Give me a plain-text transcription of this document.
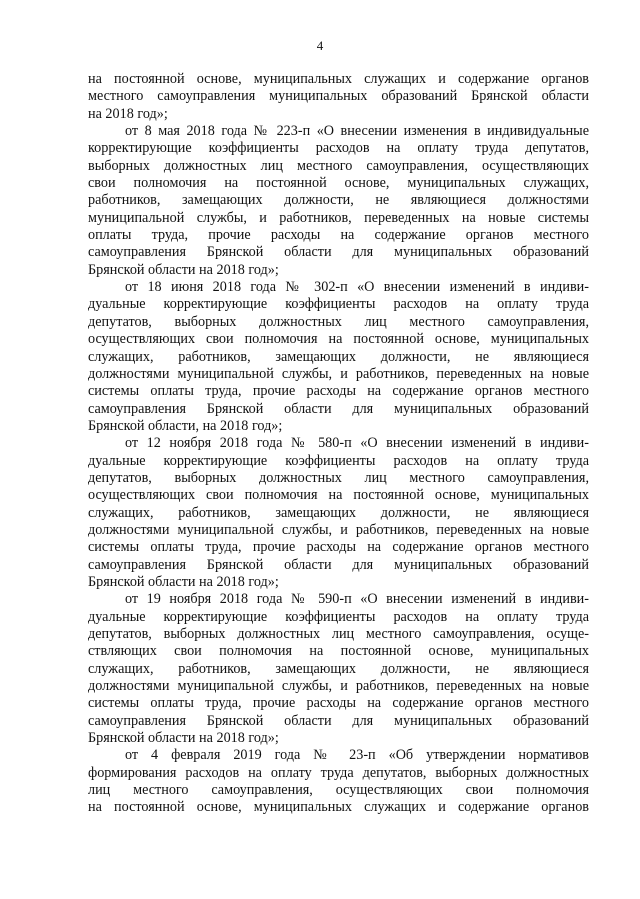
4
на постоянной основе, муниципальных служащих и содержание органов
местного самоуправления муниципальных образований Брянской области
на 2018 год»;
от 8 мая 2018 года № 223-п «О внесении изменения в индивидуальные
корректирующие коэффициенты расходов на оплату труда депутатов,
выборных должностных лиц местного самоуправления, осуществляющих
свои полномочия на постоянной основе, муниципальных служащих,
работников, замещающих должности, не являющиеся должностями
муниципальной службы, и работников, переведенных на новые системы
оплаты труда, прочие расходы на содержание органов местного
самоуправления Брянской области для муниципальных образований
Брянской области на 2018 год»;
от 18 июня 2018 года № 302-п «О внесении изменений в индиви-
дуальные корректирующие коэффициенты расходов на оплату труда
депутатов, выборных должностных лиц местного самоуправления,
осуществляющих свои полномочия на постоянной основе, муниципальных
служащих, работников, замещающих должности, не являющиеся
должностями муниципальной службы, и работников, переведенных на новые
системы оплаты труда, прочие расходы на содержание органов местного
самоуправления Брянской области для муниципальных образований
Брянской области, на 2018 год»;
от 12 ноября 2018 года № 580-п «О внесении изменений в индиви-
дуальные корректирующие коэффициенты расходов на оплату труда
депутатов, выборных должностных лиц местного самоуправления,
осуществляющих свои полномочия на постоянной основе, муниципальных
служащих, работников, замещающих должности, не являющиеся
должностями муниципальной службы, и работников, переведенных на новые
системы оплаты труда, прочие расходы на содержание органов местного
самоуправления Брянской области для муниципальных образований
Брянской области на 2018 год»;
от 19 ноября 2018 года № 590-п «О внесении изменений в индиви-
дуальные корректирующие коэффициенты расходов на оплату труда
депутатов, выборных должностных лиц местного самоуправления, осуще-
ствляющих свои полномочия на постоянной основе, муниципальных
служащих, работников, замещающих должности, не являющиеся
должностями муниципальной службы, и работников, переведенных на новые
системы оплаты труда, прочие расходы на содержание органов местного
самоуправления Брянской области для муниципальных образований
Брянской области на 2018 год»;
от 4 февраля 2019 года № 23-п «Об утверждении нормативов
формирования расходов на оплату труда депутатов, выборных должностных
лиц местного самоуправления, осуществляющих свои полномочия
на постоянной основе, муниципальных служащих и содержание органов
